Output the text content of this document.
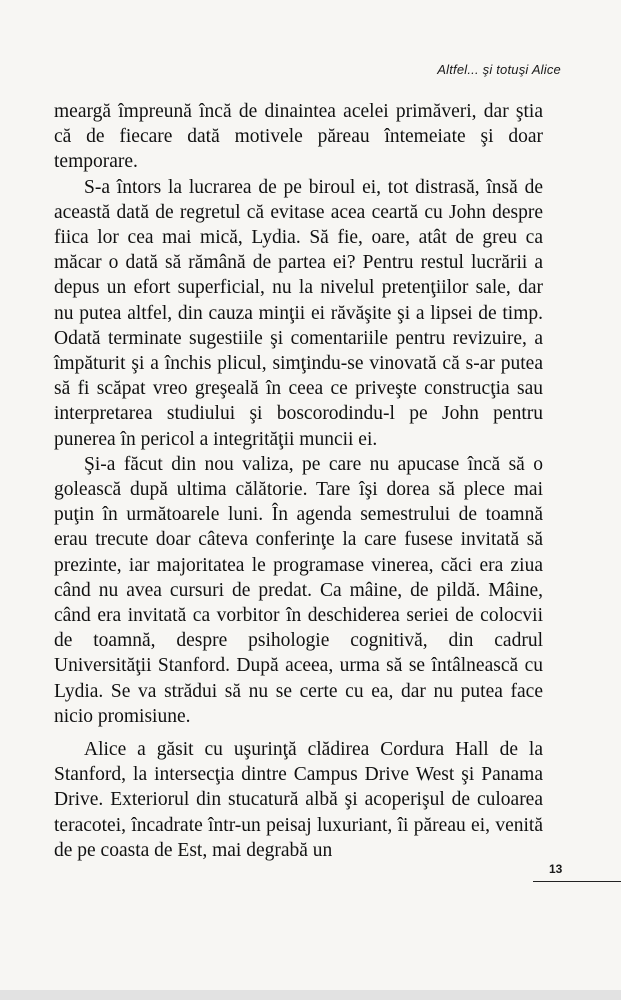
Altfel... şi totuşi Alice

meargă împreună încă de dinaintea acelei primăveri, dar ştia că de fiecare dată motivele păreau întemeiate şi doar temporare.

S-a întors la lucrarea de pe biroul ei, tot distrasă, însă de această dată de regretul că evitase acea ceartă cu John despre fiica lor cea mai mică, Lydia. Să fie, oare, atât de greu ca măcar o dată să rămână de partea ei? Pentru restul lucrării a depus un efort superficial, nu la nivelul pretenţiilor sale, dar nu putea altfel, din cauza minţii ei răvăşite şi a lipsei de timp. Odată terminate sugestiile şi comentariile pentru revizuire, a împăturit şi a închis plicul, simţindu-se vinovată că s-ar putea să fi scăpat vreo greşeală în ceea ce priveşte construcţia sau interpretarea studiului şi boscorodindu-l pe John pentru punerea în pericol a integrităţii muncii ei.

Şi-a făcut din nou valiza, pe care nu apucase încă să o golească după ultima călătorie. Tare îşi dorea să plece mai puţin în următoarele luni. În agenda semestrului de toamnă erau trecute doar câteva conferinţe la care fusese invitată să prezinte, iar majoritatea le programase vinerea, căci era ziua când nu avea cursuri de predat. Ca mâine, de pildă. Mâine, când era invitată ca vorbitor în deschiderea seriei de colocvii de toamnă, despre psihologie cognitivă, din cadrul Universităţii Stanford. După aceea, urma să se întâlnească cu Lydia. Se va strădui să nu se certe cu ea, dar nu putea face nicio promisiune.

Alice a găsit cu uşurinţă clădirea Cordura Hall de la Stanford, la intersecţia dintre Campus Drive West şi Panama Drive. Exteriorul din stucatură albă şi acoperişul de culoarea teracotei, încadrate într-un peisaj luxuriant, îi păreau ei, venită de pe coasta de Est, mai degrabă un

13
